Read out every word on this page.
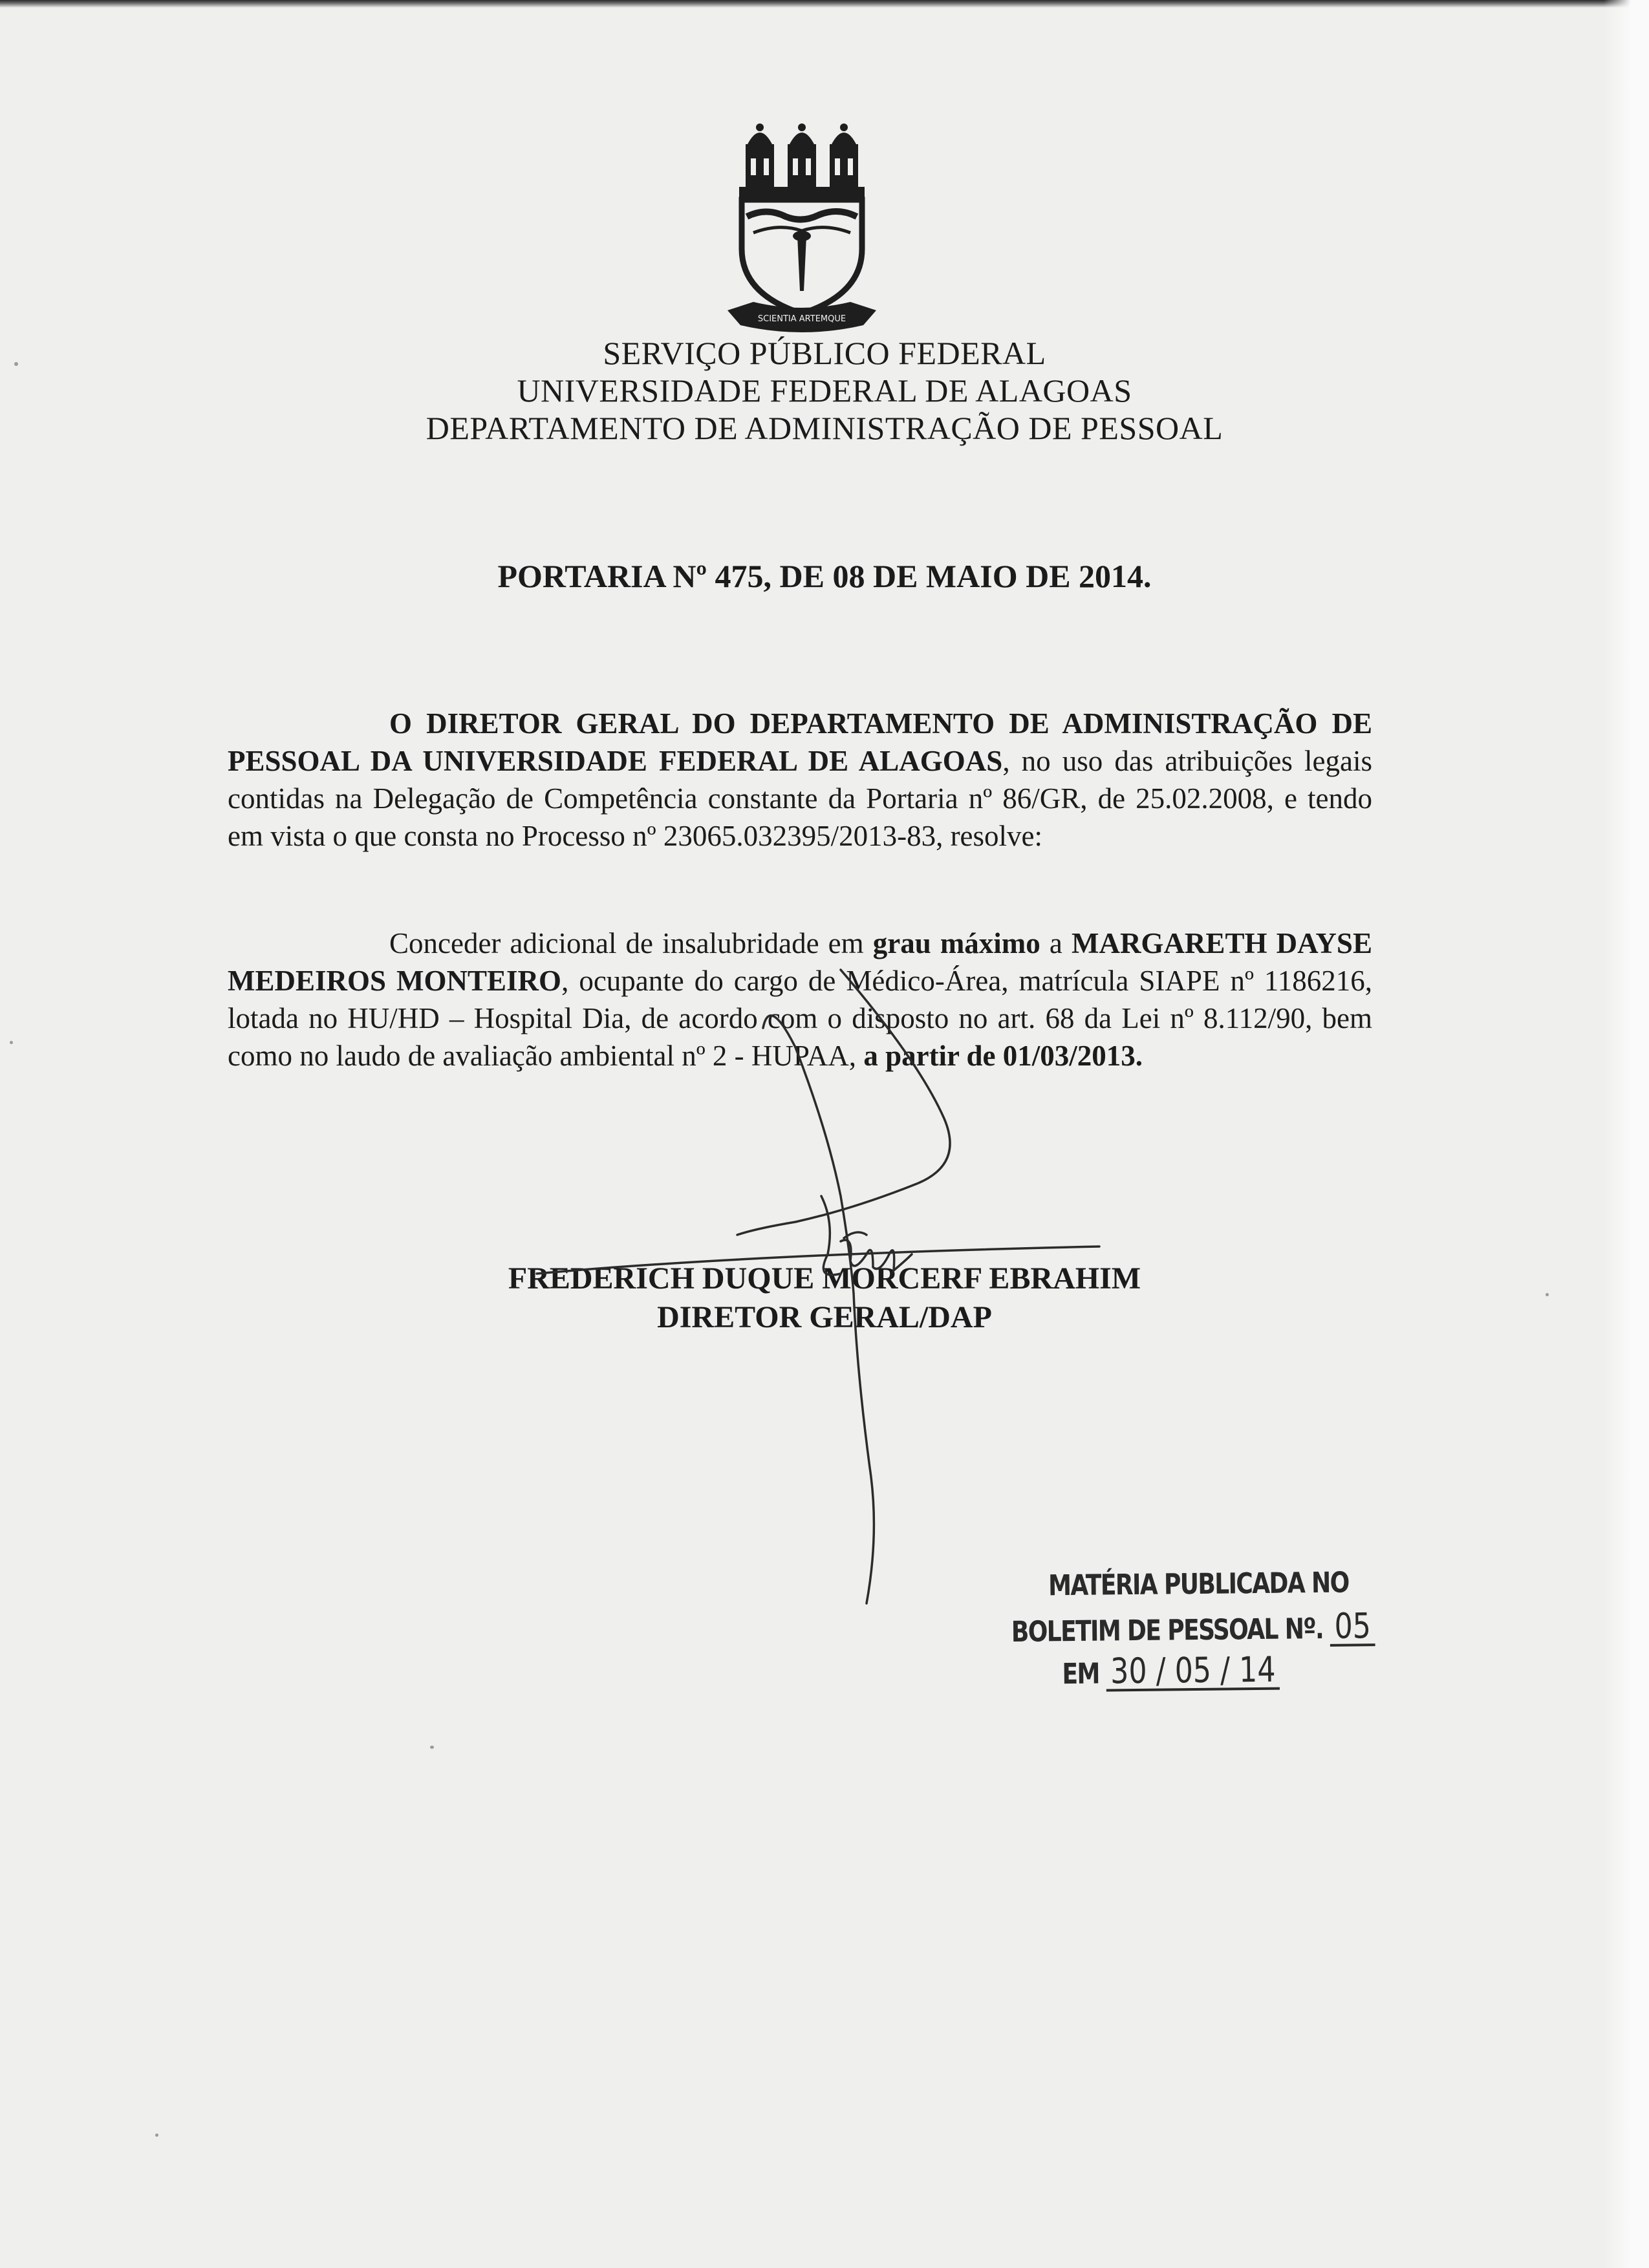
SCIENTIA ARTEMQUE
SERVIÇO PÚBLICO FEDERAL
UNIVERSIDADE FEDERAL DE ALAGOAS
DEPARTAMENTO DE ADMINISTRAÇÃO DE PESSOAL
PORTARIA Nº 475, DE 08 DE MAIO DE 2014.
O DIRETOR GERAL DO DEPARTAMENTO DE ADMINISTRAÇÃO DE PESSOAL DA UNIVERSIDADE FEDERAL DE ALAGOAS, no uso das atribuições legais contidas na Delegação de Competência constante da Portaria nº 86/GR, de 25.02.2008, e tendo em vista o que consta no Processo nº 23065.032395/2013-83, resolve:
Conceder adicional de insalubridade em grau máximo a MARGARETH DAYSE MEDEIROS MONTEIRO, ocupante do cargo de Médico-Área, matrícula SIAPE nº 1186216, lotada no HU/HD – Hospital Dia, de acordo com o disposto no art. 68 da Lei nº 8.112/90, bem como no laudo de avaliação ambiental nº 2 - HUPAA, a partir de 01/03/2013.
FREDERICH DUQUE MORCERF EBRAHIM
DIRETOR GERAL/DAP
MATÉRIA PUBLICADA NO
BOLETIM DE PESSOAL Nº. 05
EM 30 / 05 / 14
